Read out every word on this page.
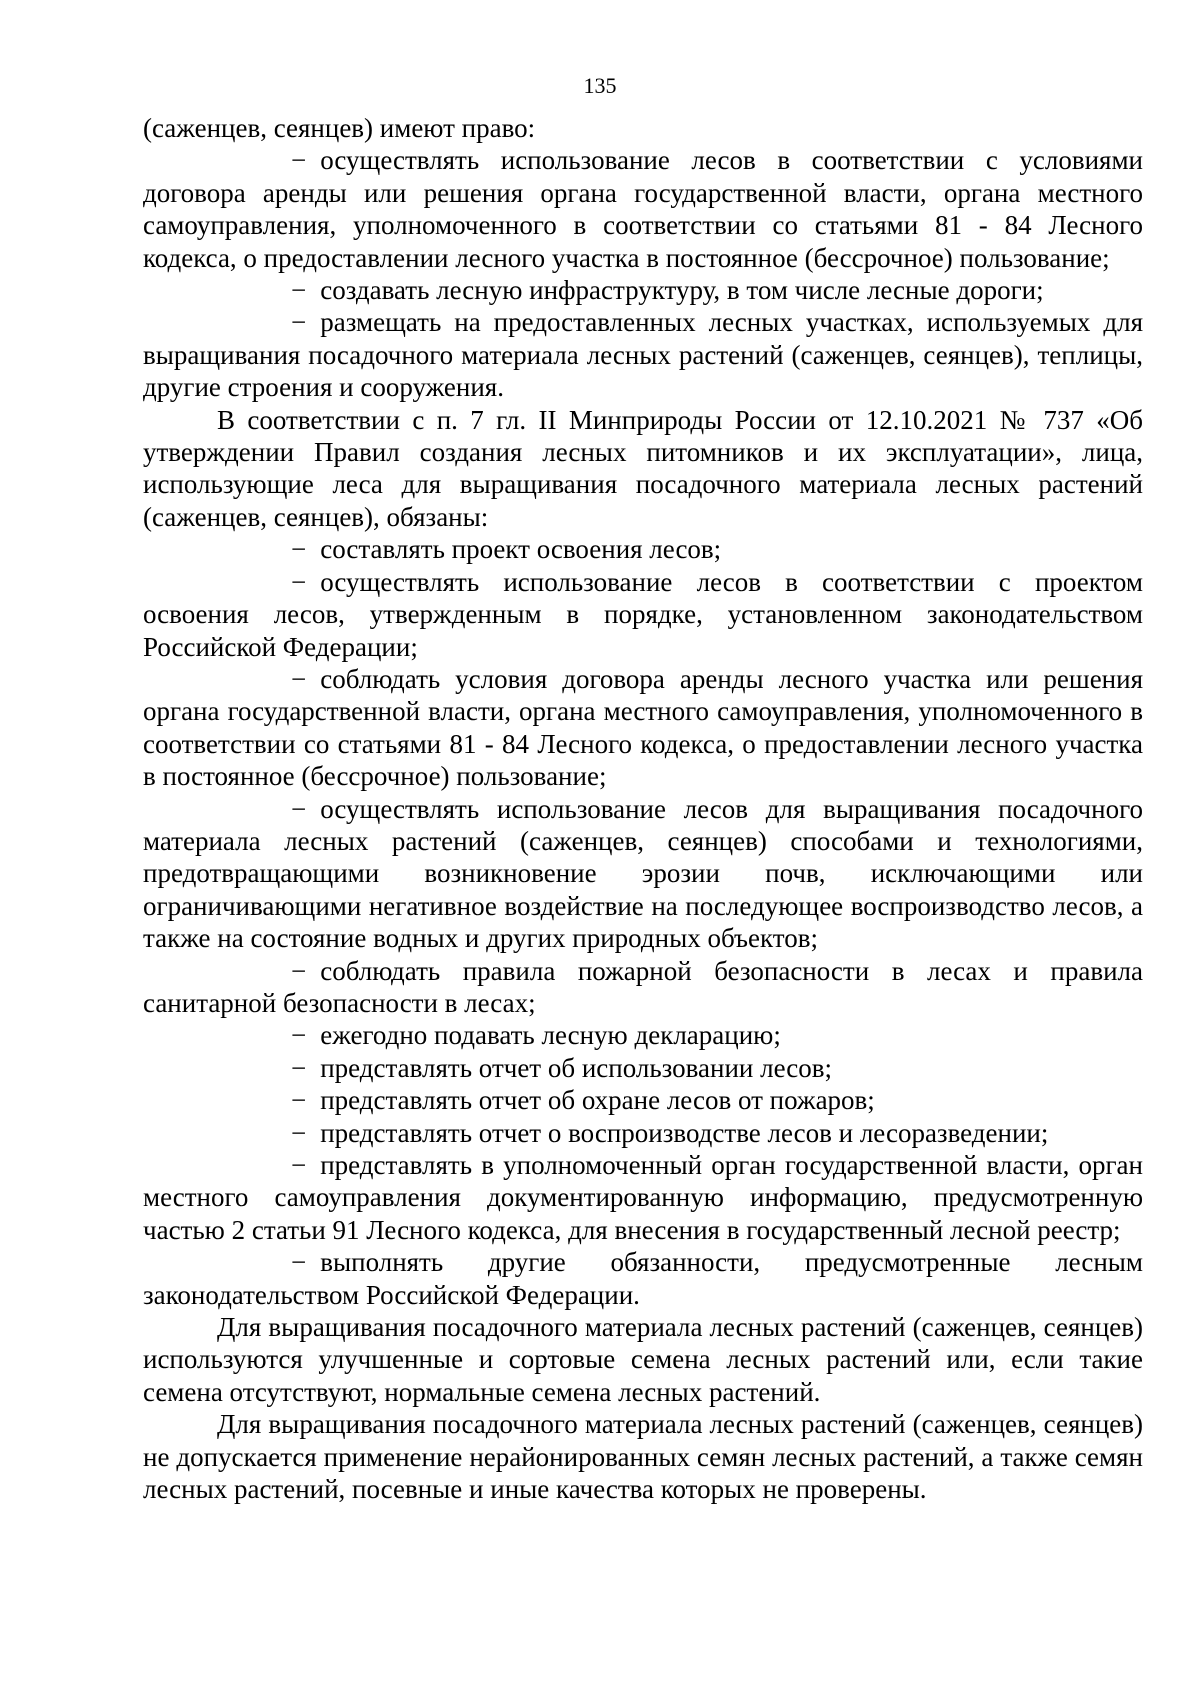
135

(саженцев, сеянцев) имеют право:

− осуществлять использование лесов в соответствии с условиями договора аренды или решения органа государственной власти, органа местного самоуправления, уполномоченного в соответствии со статьями 81 - 84 Лесного кодекса, о предоставлении лесного участка в постоянное (бессрочное) пользование;

− создавать лесную инфраструктуру, в том числе лесные дороги;

− размещать на предоставленных лесных участках, используемых для выращивания посадочного материала лесных растений (саженцев, сеянцев), теплицы, другие строения и сооружения.

В соответствии с п. 7 гл. II Минприроды России от 12.10.2021 № 737 «Об утверждении Правил создания лесных питомников и их эксплуатации», лица, использующие леса для выращивания посадочного материала лесных растений (саженцев, сеянцев), обязаны:

− составлять проект освоения лесов;

− осуществлять использование лесов в соответствии с проектом освоения лесов, утвержденным в порядке, установленном законодательством Российской Федерации;

− соблюдать условия договора аренды лесного участка или решения органа государственной власти, органа местного самоуправления, уполномоченного в соответствии со статьями 81 - 84 Лесного кодекса, о предоставлении лесного участка в постоянное (бессрочное) пользование;

− осуществлять использование лесов для выращивания посадочного материала лесных растений (саженцев, сеянцев) способами и технологиями, предотвращающими возникновение эрозии почв, исключающими или ограничивающими негативное воздействие на последующее воспроизводство лесов, а также на состояние водных и других природных объектов;

− соблюдать правила пожарной безопасности в лесах и правила санитарной безопасности в лесах;

− ежегодно подавать лесную декларацию;

− представлять отчет об использовании лесов;

− представлять отчет об охране лесов от пожаров;

− представлять отчет о воспроизводстве лесов и лесоразведении;

− представлять в уполномоченный орган государственной власти, орган местного самоуправления документированную информацию, предусмотренную частью 2 статьи 91 Лесного кодекса, для внесения в государственный лесной реестр;

− выполнять другие обязанности, предусмотренные лесным законодательством Российской Федерации.

Для выращивания посадочного материала лесных растений (саженцев, сеянцев) используются улучшенные и сортовые семена лесных растений или, если такие семена отсутствуют, нормальные семена лесных растений.

Для выращивания посадочного материала лесных растений (саженцев, сеянцев) не допускается применение нерайонированных семян лесных растений, а также семян лесных растений, посевные и иные качества которых не проверены.
